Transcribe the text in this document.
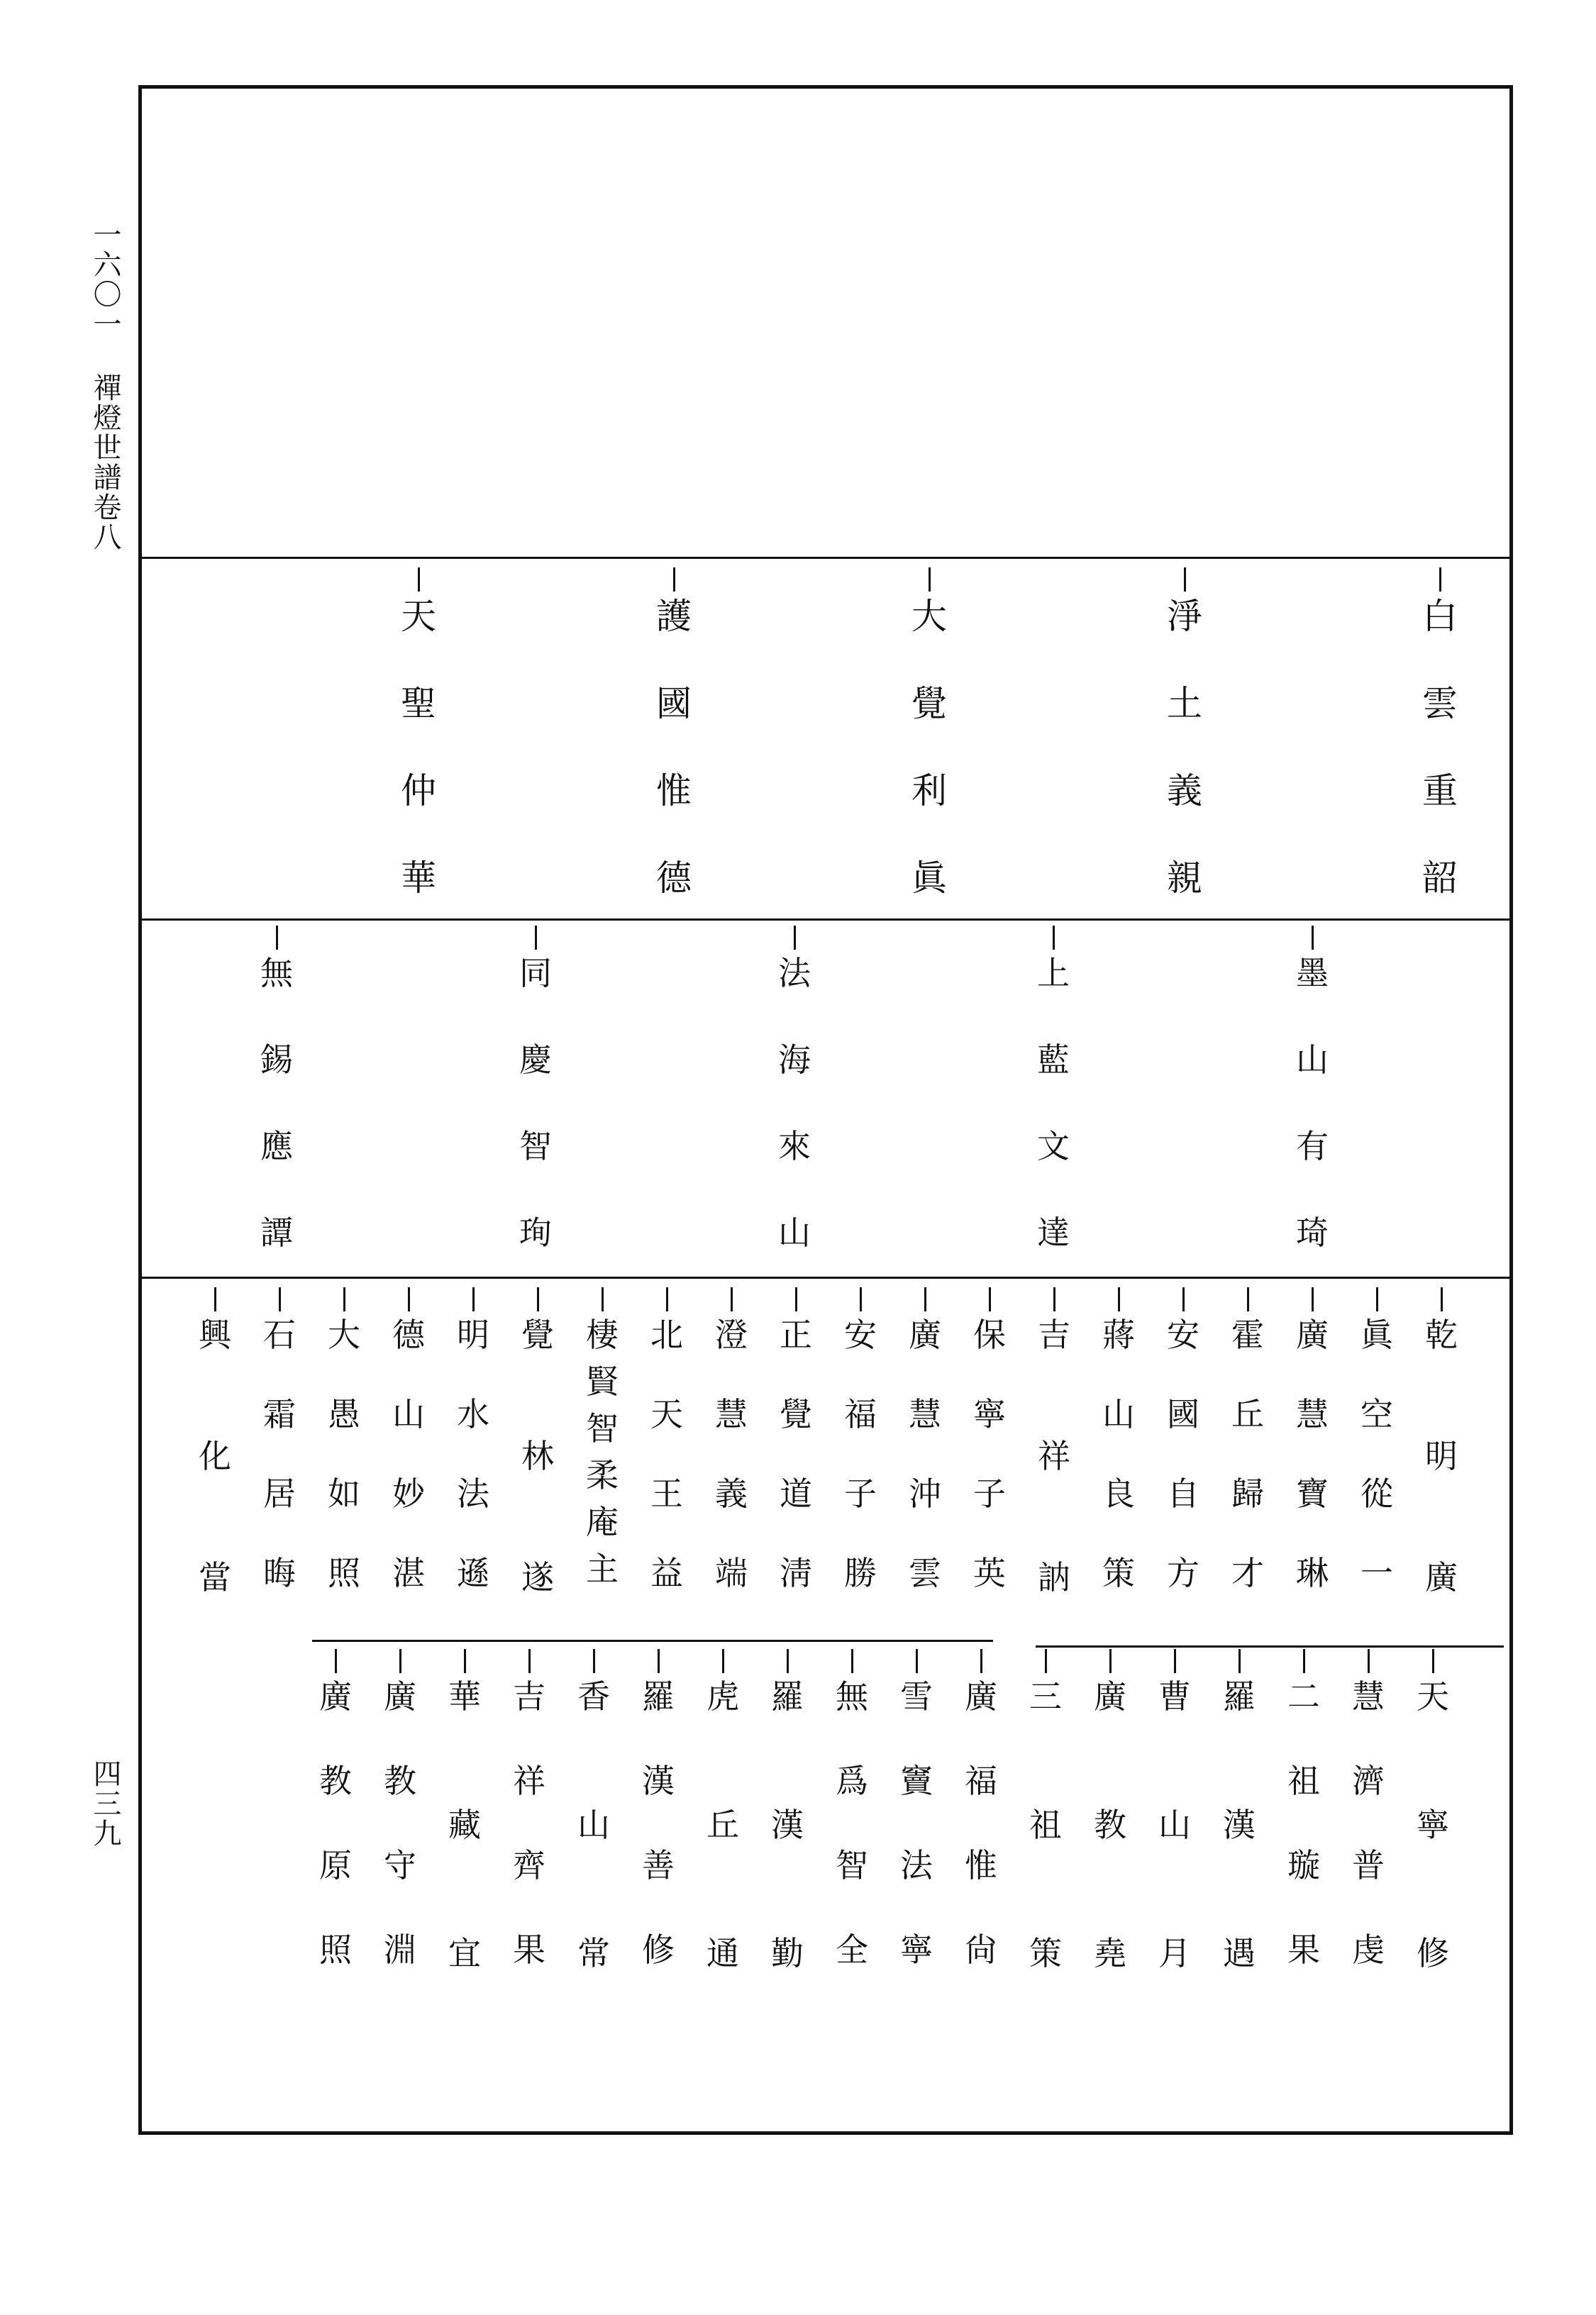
一六〇一 禪燈世譜卷八
四三九
白
雲
重
韶
淨
土
義
親
大
覺
利
眞
護
國
惟
德
天
聖
仲
華
墨
山
有
琦
上
藍
文
達
法
海
來
山
同
慶
智
珣
無
錫
應
譚
乾
明
廣
眞
空
從
一
廣
慧
寶
琳
霍
丘
歸
才
安
國
自
方
蔣
山
良
策
吉
祥
訥
保
寧
子
英
廣
慧
沖
雲
安
福
子
勝
正
覺
道
淸
澄
慧
義
端
北
天
王
益
棲
賢
智
柔
庵
主
覺
林
遂
明
水
法
遜
德
山
妙
湛
大
愚
如
照
石
霜
居
晦
興
化
當
天
寧
修
慧
濟
普
虔
二
祖
璇
果
羅
漢
遇
曹
山
月
廣
教
堯
三
祖
策
廣
福
惟
尙
雪
竇
法
寧
無
爲
智
全
羅
漢
勤
虎
丘
通
羅
漢
善
修
香
山
常
吉
祥
齊
果
華
藏
宜
廣
教
守
淵
廣
教
原
照
